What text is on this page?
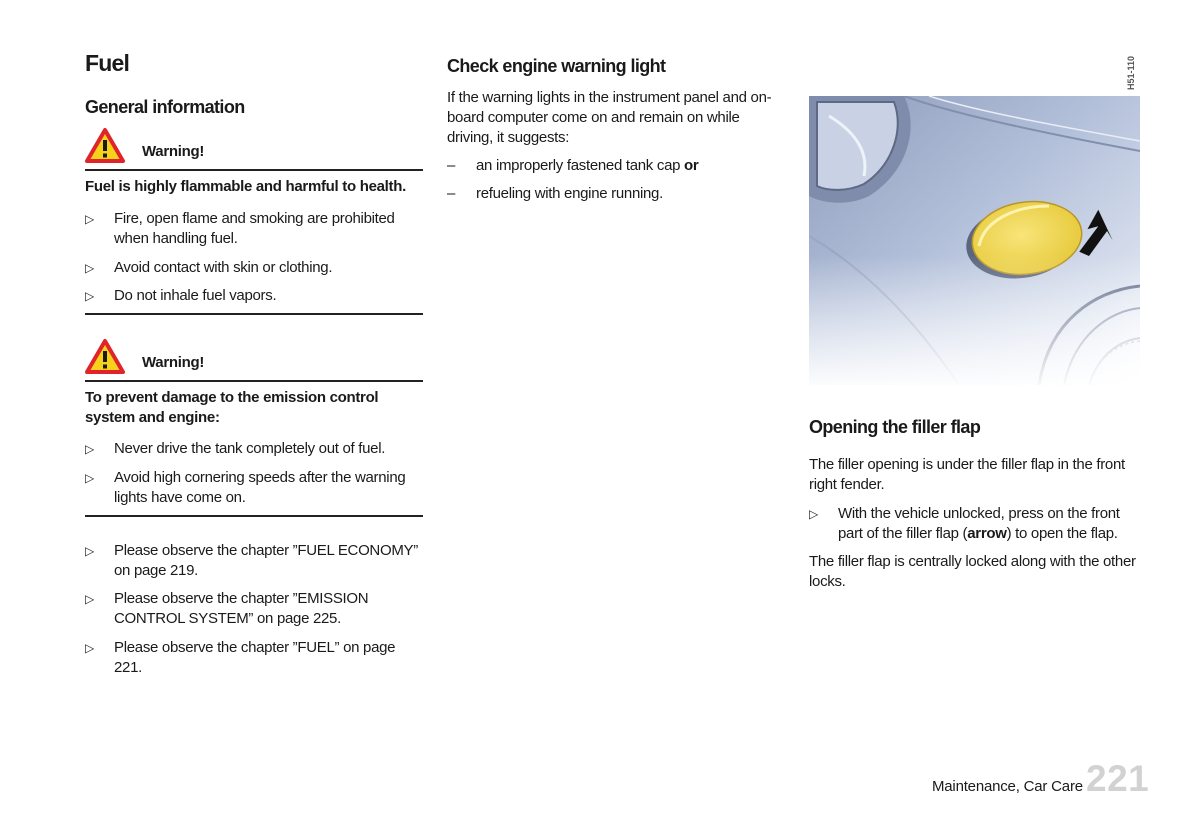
Fuel
General information
Warning!
Fuel is highly flammable and harmful to health.
▷	Fire, open flame and smoking are prohibited when handling fuel.
▷	Avoid contact with skin or clothing.
▷	Do not inhale fuel vapors.
Warning!
To prevent damage to the emission control system and engine:
▷	Never drive the tank completely out of fuel.
▷	Avoid high cornering speeds after the warning lights have come on.
▷	Please observe the chapter ”FUEL ECONOMY” on page 219.
▷	Please observe the chapter ”EMISSION CONTROL SYSTEM” on page 225.
▷	Please observe the chapter ”FUEL” on page 221.
Check engine warning light

If the warning lights in the instrument panel and on-board computer come on and remain on while driving, it suggests:

– an improperly fastened tank cap or
– refueling with engine running.
H51-110
Opening the filler flap

The filler opening is under the filler flap in the front right fender.

▷	With the vehicle unlocked, press on the front part of the filler flap (arrow) to open the flap.

The filler flap is centrally locked along with the other locks.

Maintenance, Car Care 221
